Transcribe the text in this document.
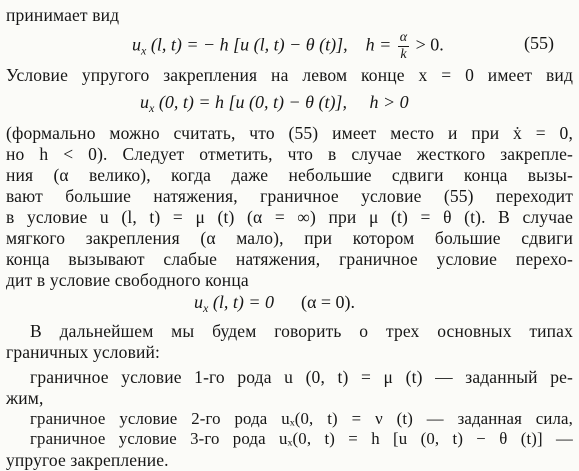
принимает вид
$u_x$ (l, t) = − h [u (l, t) − θ (t)], $h = \frac{\alpha}{k} > 0$.	(55)
Условие упругого закрепления на левом конце x = 0 имеет вид
$u_x$ (0, t) = h [u (0, t) − θ (t)], h > 0
(формально можно считать, что (55) имеет место и при ẋ = 0,
но h < 0). Следует отметить, что в случае жесткого закрепле-
ния (α велико), когда даже небольшие сдвиги конца вызы-
вают большие натяжения, граничное условие (55) переходит
в условие u (l, t) = μ (t) (α = ∞) при μ (t) = θ (t). В случае
мягкого закрепления (α мало), при котором большие сдвиги
конца вызывают слабые натяжения, граничное условие перехо-
дит в условие свободного конца
$u_x$ (l, t) = 0 (α = 0).
В дальнейшем мы будем говорить о трех основных типах
граничных условий:
граничное условие 1-го рода u (0, t) = μ (t) — заданный ре-
жим,
граничное условие 2-го рода uₓ(0, t) = ν (t) — заданная сила,
граничное условие 3-го рода uₓ(0, t) = h [u (0, t) − θ (t)] —
упругое закрепление.
